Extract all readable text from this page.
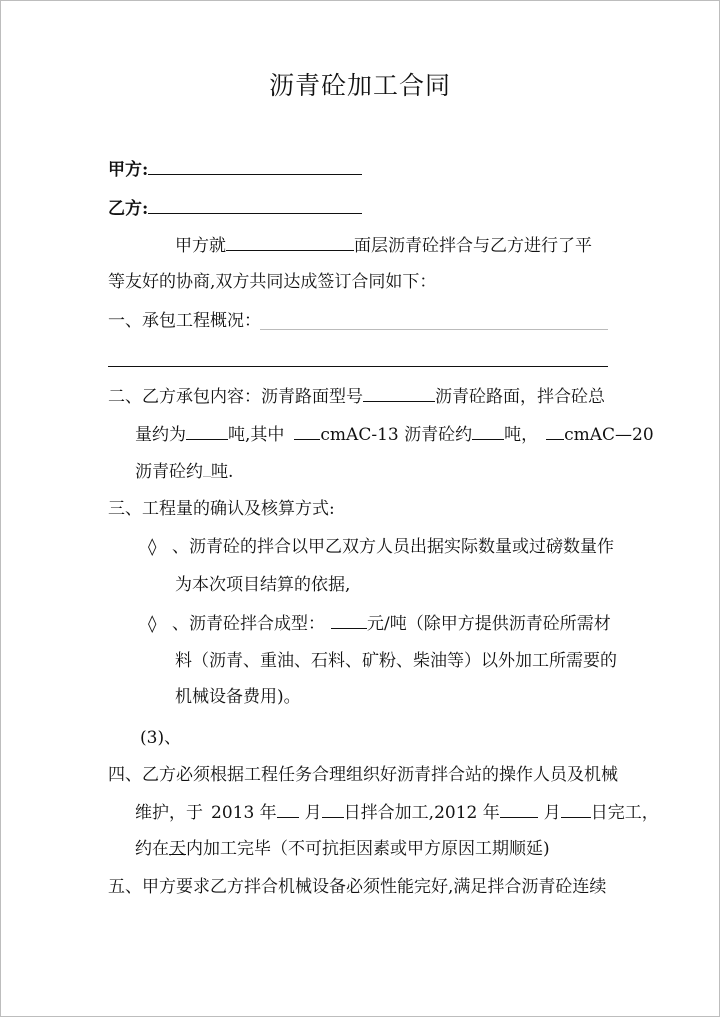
沥青砼加工合同
甲方:
乙方:
甲方就	面层沥青砼拌合与乙方进行了平
等友好的协商,双方共同达成签订合同如下：
一、承包工程概况：
二、乙方承包内容：沥青路面型号	沥青砼路面，拌合砼总
量约为 吨,其中 cmAC-13 沥青砼约 吨， cmAC—20
沥青砼约 吨.
三、工程量的确认及核算方式:
◊ 、沥青砼的拌合以甲乙双方人员出据实际数量或过磅数量作
为本次项目结算的依据,
◊ 、沥青砼拌合成型： 元/吨（除甲方提供沥青砼所需材
料（沥青、重油、石料、矿粉、柴油等）以外加工所需要的
机械设备费用)。
(3)、
四、乙方必须根据工程任务合理组织好沥青拌合站的操作人员及机械
维护，于 2013 年 月 日拌合加工,2012 年	月 日完工，
约在天内加工完毕（不可抗拒因素或甲方原因工期顺延)
五、甲方要求乙方拌合机械设备必须性能完好,满足拌合沥青砼连续
